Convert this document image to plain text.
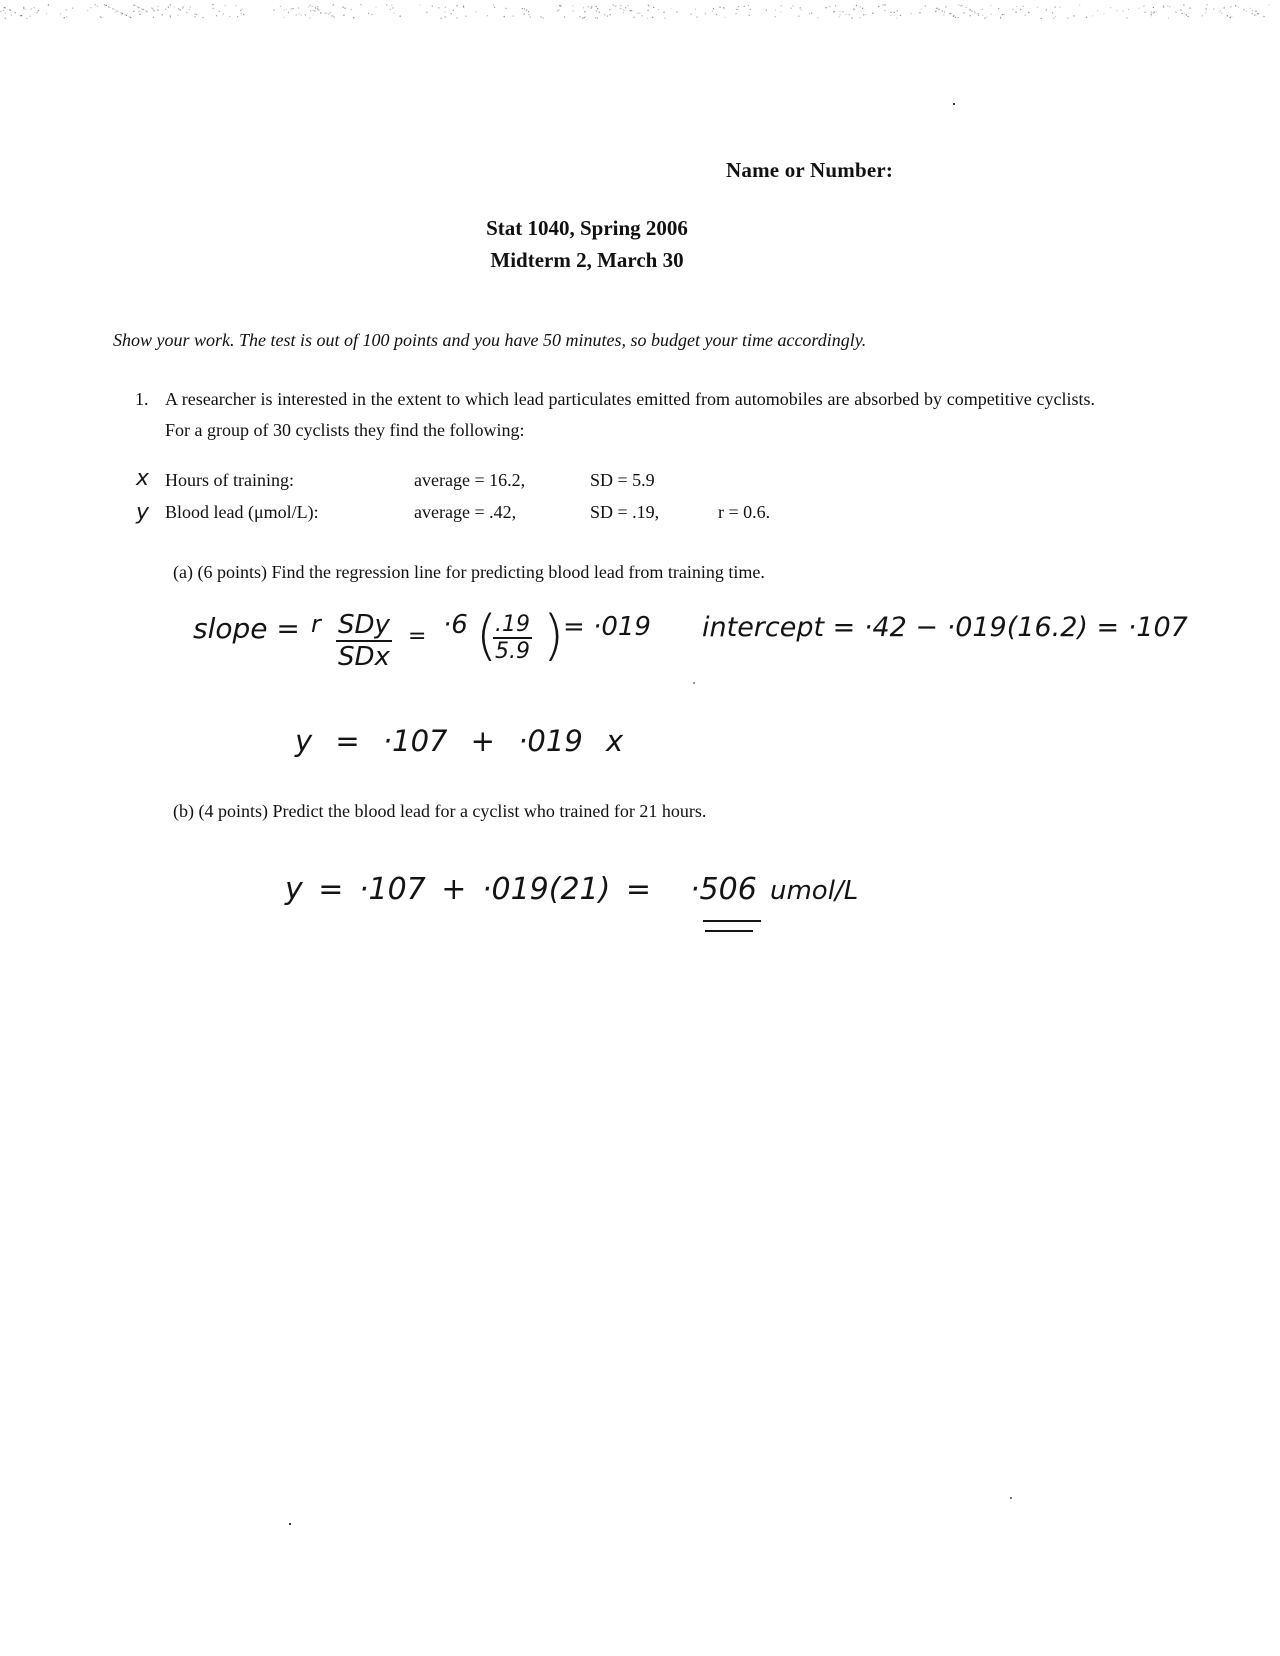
Name or Number:
Stat 1040, Spring 2006
Midterm 2, March 30
Show your work. The test is out of 100 points and you have 50 minutes, so budget your time accordingly.
1. A researcher is interested in the extent to which lead particulates emitted from automobiles are absorbed by competitive cyclists. For a group of 30 cyclists they find the following:
x Hours of training:	average = 16.2,	SD = 5.9
y Blood lead (μmol/L):	average = .42,	SD = .19,	r = 0.6.
(a) (6 points) Find the regression line for predicting blood lead from training time.
slope = r SDy
SDx
= ·6 (
$\frac{.19}{5.9}$ )
= ·019 intercept = ·42 − ·019(16.2) = ·107
y = ·107 + ·019 x
(b) (4 points) Predict the blood lead for a cyclist who trained for 21 hours.
y = ·107 + ·019(21) = ·506 umol/L
